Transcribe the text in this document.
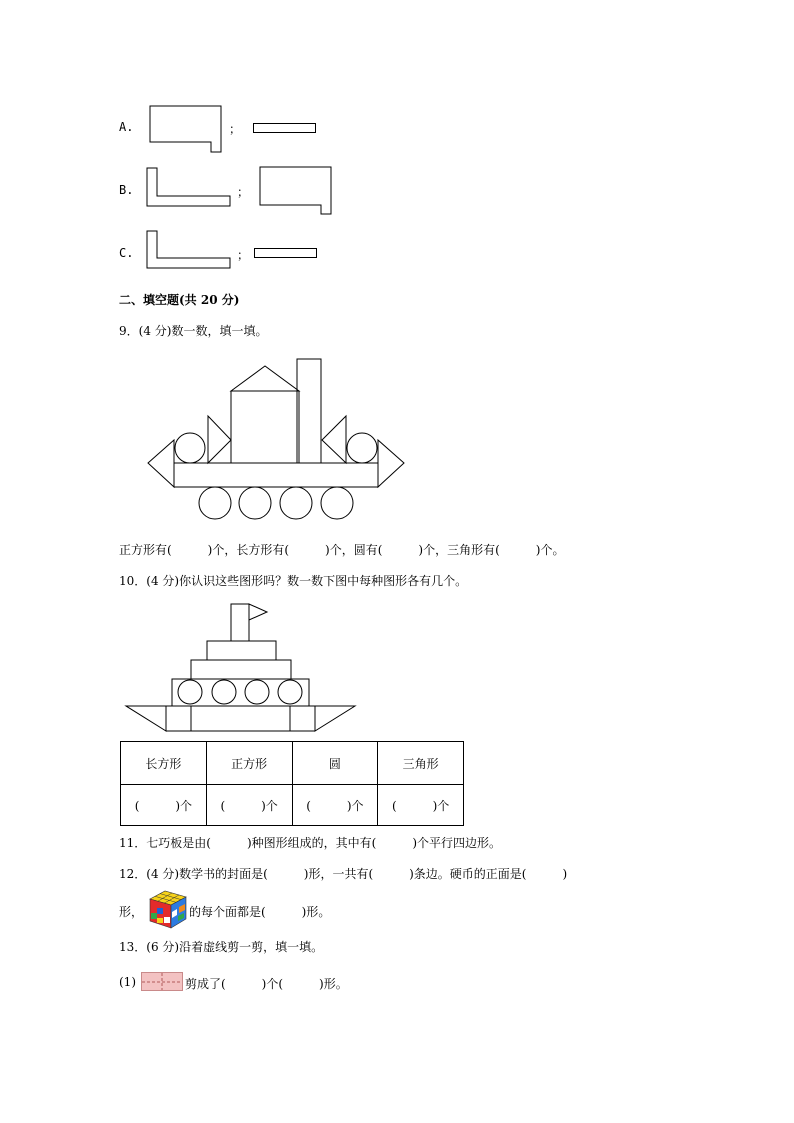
A.	；
B.	；
C.	；
二、填空题(共 20 分)
9．(4 分)数一数，填一填。
正方形有(　　　)个，长方形有(　　　)个，圆有(　　　)个，三角形有(　　　)个。
10．(4 分)你认识这些图形吗？数一数下图中每种图形各有几个。
长方形	正方形	圆	三角形
(　　　)个	(　　　)个	(　　　)个	(　　　)个
11．七巧板是由(　　　)种图形组成的，其中有(　　　)个平行四边形。
12．(4 分)数学书的封面是(　　　)形，一共有(　　　)条边。硬币的正面是(　　　)
形，	的每个面都是(　　　)形。
13．(6 分)沿着虚线剪一剪，填一填。
(1)	剪成了(　　　)个(　　　)形。
